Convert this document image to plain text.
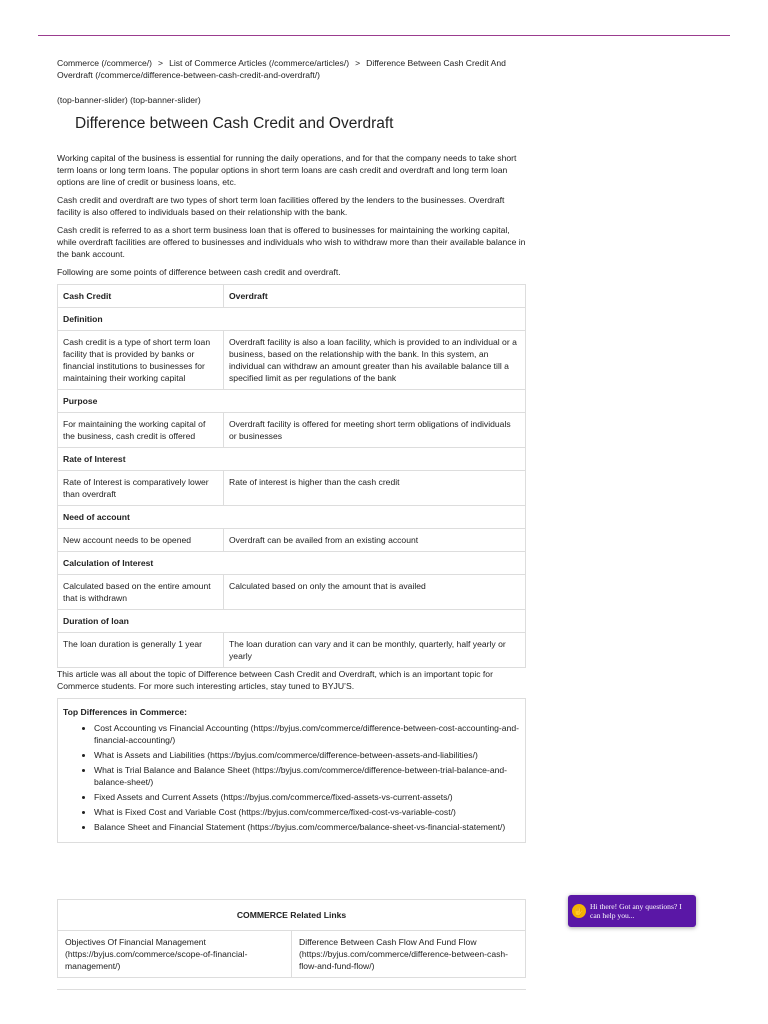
Commerce (/commerce/) > List of Commerce Articles (/commerce/articles/) > Difference Between Cash Credit And Overdraft (/commerce/difference-between-cash-credit-and-overdraft/)
(top-banner-slider) (top-banner-slider)
Difference between Cash Credit and Overdraft

Working capital of the business is essential for running the daily operations, and for that the company needs to take short term loans or long term loans. The popular options in short term loans are cash credit and overdraft and long term loan options are line of credit or business loans, etc.

Cash credit and overdraft are two types of short term loan facilities offered by the lenders to the businesses. Overdraft facility is also offered to individuals based on their relationship with the bank.

Cash credit is referred to as a short term business loan that is offered to businesses for maintaining the working capital, while overdraft facilities are offered to businesses and individuals who wish to withdraw more than their available balance in the bank account.

Following are some points of difference between cash credit and overdraft.

Cash Credit	Overdraft
Definition	
Cash credit is a type of short term loan facility that is provided by banks or financial institutions to businesses for maintaining their working capital	Overdraft facility is also a loan facility, which is provided to an individual or a business, based on the relationship with the bank. In this system, an individual can withdraw an amount greater than his available balance till a specified limit as per regulations of the bank
Purpose	
For maintaining the working capital of the business, cash credit is offered	Overdraft facility is offered for meeting short term obligations of individuals or businesses
Rate of Interest	
Rate of Interest is comparatively lower than overdraft	Rate of interest is higher than the cash credit
Need of account	
New account needs to be opened	Overdraft can be availed from an existing account
Calculation of Interest	
Calculated based on the entire amount that is withdrawn	Calculated based on only the amount that is availed
Duration of loan	
The loan duration is generally 1 year	The loan duration can vary and it can be monthly, quarterly, half yearly or yearly

This article was all about the topic of Difference between Cash Credit and Overdraft, which is an important topic for Commerce students. For more such interesting articles, stay tuned to BYJU’S.

Top Differences in Commerce:
• Cost Accounting vs Financial Accounting (https://byjus.com/commerce/difference-between-cost-accounting-and-financial-accounting/)
• What is Assets and Liabilities (https://byjus.com/commerce/difference-between-assets-and-liabilities/)
• What is Trial Balance and Balance Sheet (https://byjus.com/commerce/difference-between-trial-balance-and-balance-sheet/)
• Fixed Assets and Current Assets (https://byjus.com/commerce/fixed-assets-vs-current-assets/)
• What is Fixed Cost and Variable Cost (https://byjus.com/commerce/fixed-cost-vs-variable-cost/)
• Balance Sheet and Financial Statement (https://byjus.com/commerce/balance-sheet-vs-financial-statement/)
COMMERCE Related Links
Objectives Of Financial Management (https://byjus.com/commerce/scope-of-financial-management/)	Difference Between Cash Flow And Fund Flow (https://byjus.com/commerce/difference-between-cash-flow-and-fund-flow/)
✋ Hi there! Got any questions? I can help you...
